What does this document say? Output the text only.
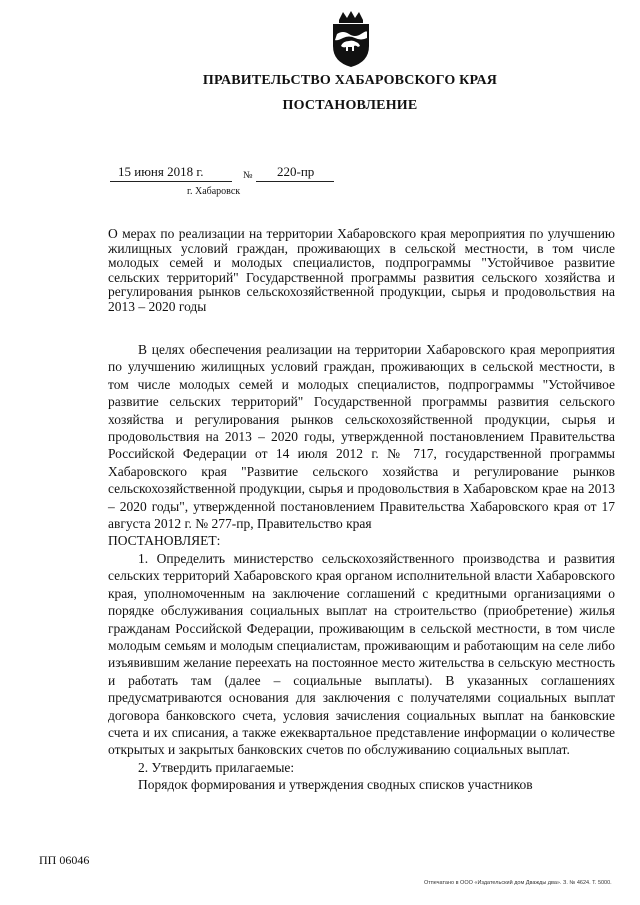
ПРАВИТЕЛЬСТВО ХАБАРОВСКОГО КРАЯ
ПОСТАНОВЛЕНИЕ
15 июня 2018 г.	№ 220-пр
г. Хабаровск
О мерах по реализации на территории Хабаровского края мероприятия по улучшению жилищных условий граждан, проживающих в сельской местности, в том числе молодых семей и молодых специалистов, подпрограммы "Устойчивое развитие сельских территорий" Государственной программы развития сельского хозяйства и регулирования рынков сельскохозяйственной продукции, сырья и продовольствия на 2013 – 2020 годы

В целях обеспечения реализации на территории Хабаровского края мероприятия по улучшению жилищных условий граждан, проживающих в сельской местности, в том числе молодых семей и молодых специалистов, подпрограммы "Устойчивое развитие сельских территорий" Государственной программы развития сельского хозяйства и регулирования рынков сельскохозяйственной продукции, сырья и продовольствия на 2013 – 2020 годы, утвержденной постановлением Правительства Российской Федерации от 14 июля 2012 г. № 717, государственной программы Хабаровского края "Развитие сельского хозяйства и регулирование рынков сельскохозяйственной продукции, сырья и продовольствия в Хабаровском крае на 2013 – 2020 годы", утвержденной постановлением Правительства Хабаровского края от 17 августа 2012 г. № 277-пр, Правительство края

ПОСТАНОВЛЯЕТ:

1. Определить министерство сельскохозяйственного производства и развития сельских территорий Хабаровского края органом исполнительной власти Хабаровского края, уполномоченным на заключение соглашений с кредитными организациями о порядке обслуживания социальных выплат на строительство (приобретение) жилья гражданам Российской Федерации, проживающим в сельской местности, в том числе молодым семьям и молодым специалистам, проживающим и работающим на селе либо изъявившим желание переехать на постоянное место жительства в сельскую местность и работать там (далее – социальные выплаты). В указанных соглашениях предусматриваются основания для заключения с получателями социальных выплат договора банковского счета, условия зачисления социальных выплат на банковские счета и их списания, а также ежеквартальное представление информации о количестве открытых и закрытых банковских счетов по обслуживанию социальных выплат.

2. Утвердить прилагаемые:

Порядок формирования и утверждения сводных списков участников

ПП 06046
Отпечатано в ООО «Издательский дом Дважды два». З. № 4624. Т. 5000.
